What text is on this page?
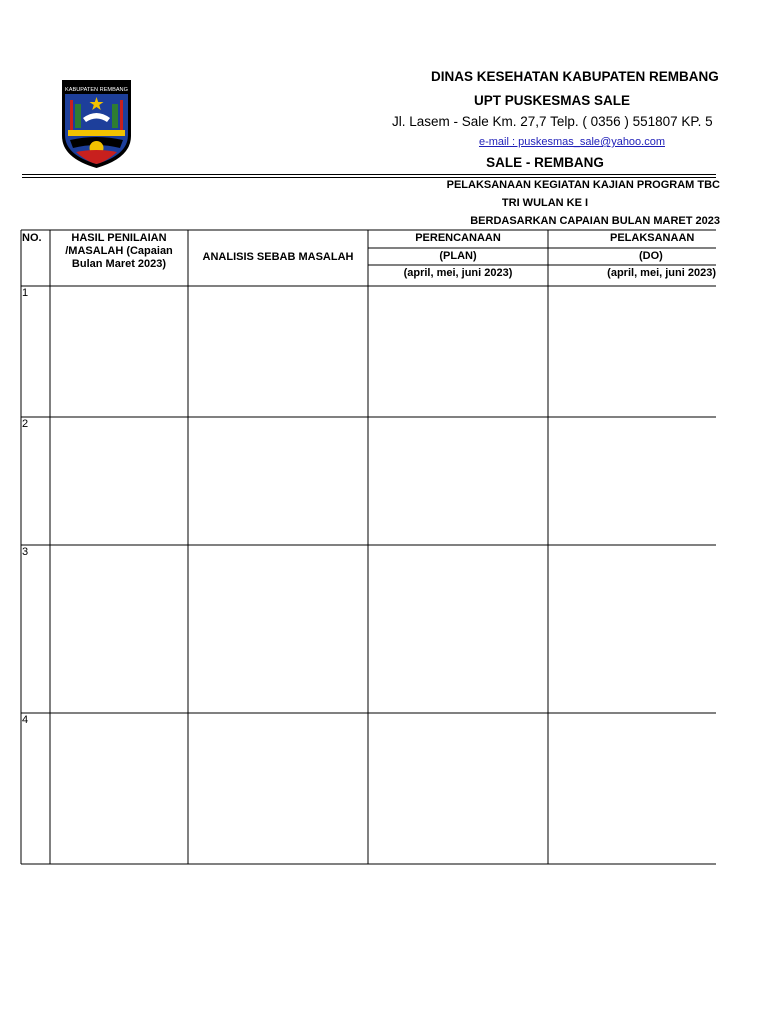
KABUPATEN REMBANG
DINAS KESEHATAN KABUPATEN REMBANG
UPT PUSKESMAS SALE
Jl. Lasem - Sale Km. 27,7 Telp. ( 0356 ) 551807 KP. 5
e-mail : puskesmas_sale@yahoo.com
SALE - REMBANG
PELAKSANAAN KEGIATAN KAJIAN PROGRAM TBC
TRI WULAN KE I
BERDASARKAN CAPAIAN BULAN MARET 2023
NO.	HASIL PENILAIAN
/MASALAH (Capaian
Bulan Maret 2023)
ANALISIS SEBAB MASALAH
PERENCANAAN
(PLAN)
(april, mei, juni 2023)
PELAKSANAAN
(DO)
(april, mei, juni 2023)
1
2
3
4
